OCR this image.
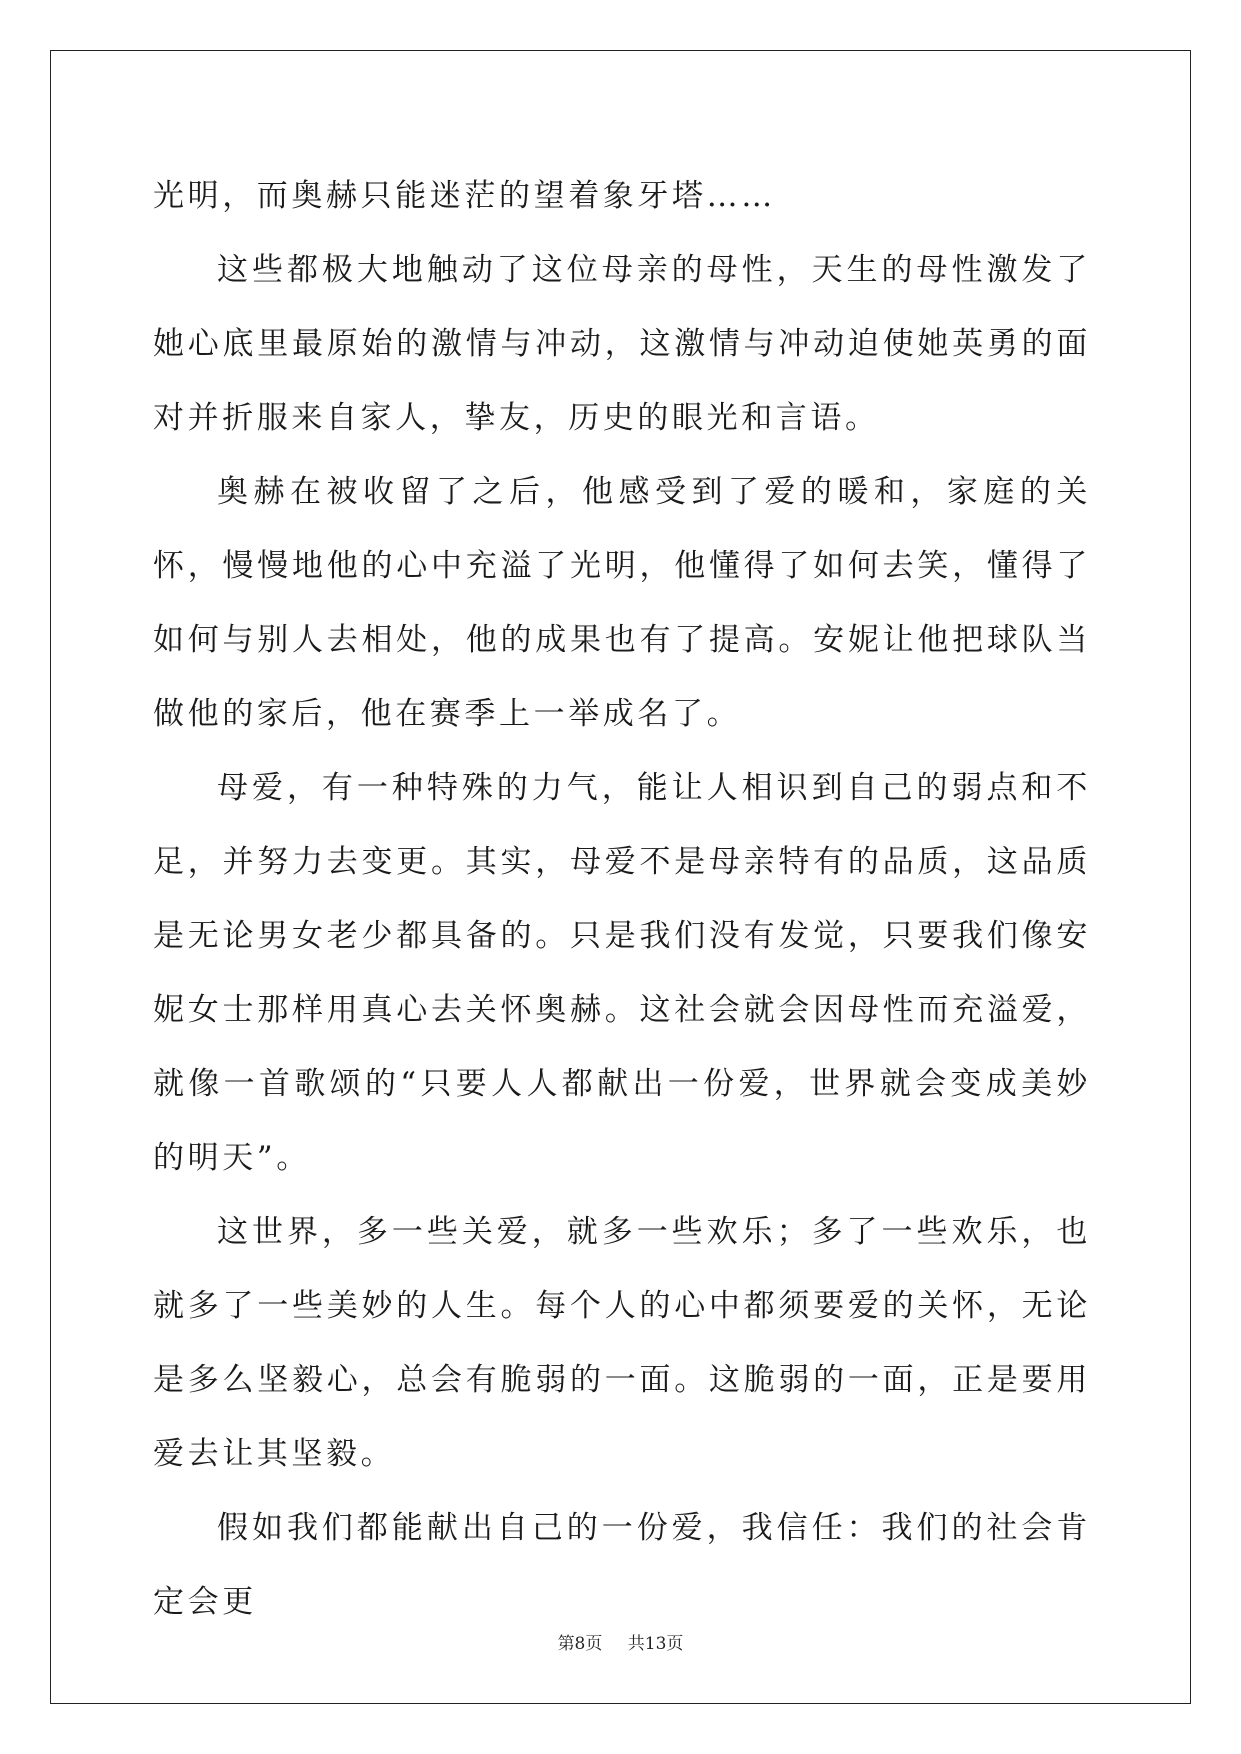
光明，而奥赫只能迷茫的望着象牙塔……

这些都极大地触动了这位母亲的母性，天生的母性激发了她心底里最原始的激情与冲动，这激情与冲动迫使她英勇的面对并折服来自家人，挚友，历史的眼光和言语。

奥赫在被收留了之后，他感受到了爱的暖和，家庭的关怀，慢慢地他的心中充溢了光明，他懂得了如何去笑，懂得了如何与别人去相处，他的成果也有了提高。安妮让他把球队当做他的家后，他在赛季上一举成名了。

母爱，有一种特殊的力气，能让人相识到自己的弱点和不足，并努力去变更。其实，母爱不是母亲特有的品质，这品质是无论男女老少都具备的。只是我们没有发觉，只要我们像安妮女士那样用真心去关怀奥赫。这社会就会因母性而充溢爱，就像一首歌颂的“只要人人都献出一份爱，世界就会变成美妙的明天”。

这世界，多一些关爱，就多一些欢乐；多了一些欢乐，也就多了一些美妙的人生。每个人的心中都须要爱的关怀，无论是多么坚毅心，总会有脆弱的一面。这脆弱的一面，正是要用爱去让其坚毅。

假如我们都能献出自己的一份爱，我信任：我们的社会肯定会更

第8页 共13页
